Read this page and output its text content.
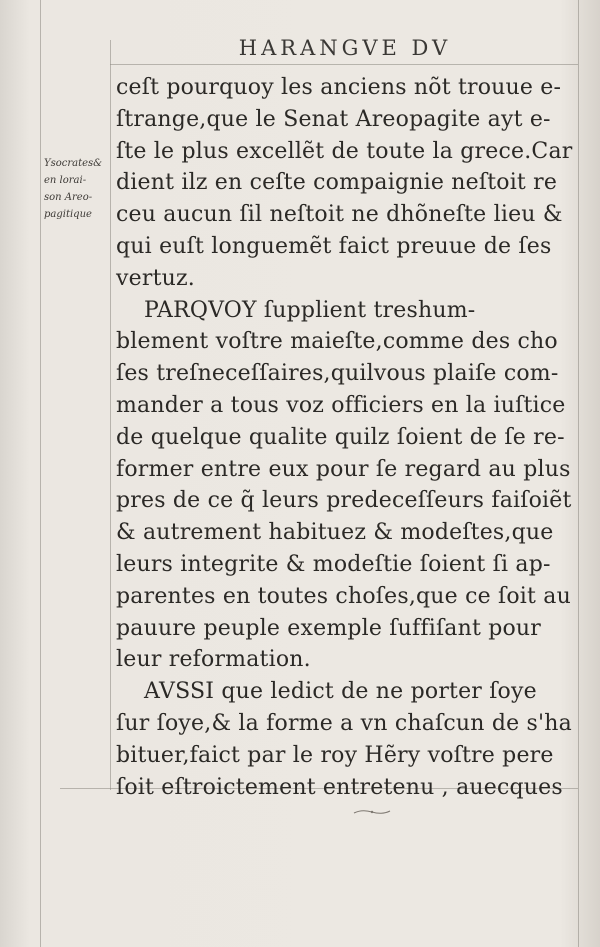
HARANGVE DV
Ysocrates&
en lorai-
son Areo-
pagitique
ceſt pourquoy les anciens nõt trouue e-
ſtrange,que le Senat Areopagite ayt e-
ſte le plus excellẽt de toute la grece.Car
dient ilz en ceſte compaignie neſtoit re
ceu aucun ſil neſtoit ne dhõneſte lieu &
qui euſt longuemẽt faict preuue de ſes
vertuz.
PARQVOY ſupplient treshum-
blement voſtre maieſte,comme des cho
ſes treſneceſſaires,quilvous plaiſe com-
mander a tous voz officiers en la iuſtice
de quelque qualite quilz ſoient de ſe re-
former entre eux pour ſe regard au plus
pres de ce q̃ leurs predeceſſeurs faiſoiẽt
& autrement habituez & modeſtes,que
leurs integrite & modeſtie ſoient ſi ap-
parentes en toutes choſes,que ce ſoit au
pauure peuple exemple ſuffiſant pour
leur reformation.
AVSSI que ledict de ne porter ſoye
ſur ſoye,& la forme a vn chaſcun de s'ha
bituer,faict par le roy Hẽry voſtre pere
ſoit eſtroictement entretenu , auecques
